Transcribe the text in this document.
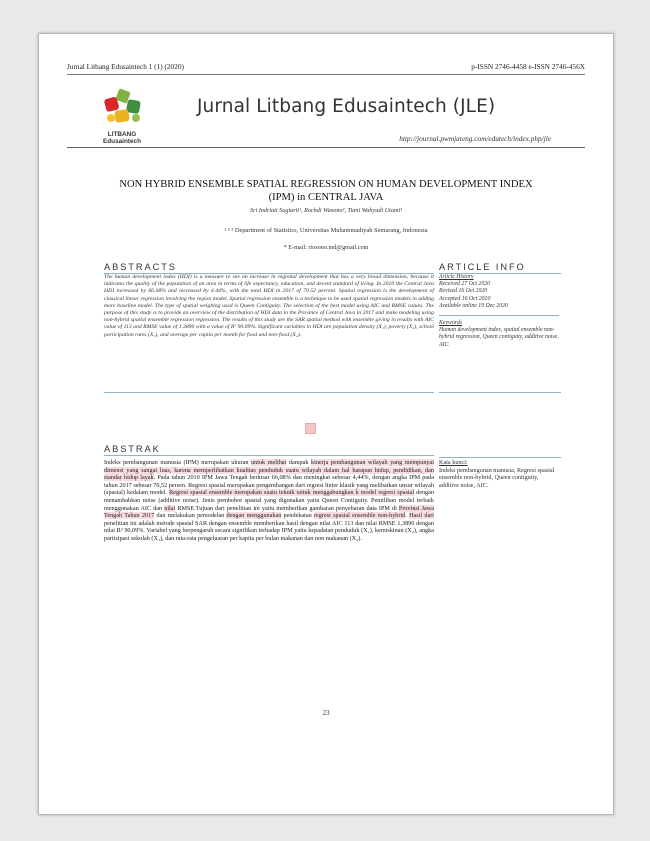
Jurnal Litbang Edusaintech 1 (1) (2020)	p-ISSN 2746-4458 e-ISSN 2746-456X
LITBANG
Edusaintech
Jurnal Litbang Edusaintech (JLE)
http://journal.pwmjateng.com/edutech/index.php/jle
NON HYBRID ENSEMBLE SPATIAL REGRESSION ON HUMAN DEVELOPMENT INDEX (IPM) in CENTRAL JAVA
Sri Indriati Sugiarti¹, Rochdi Wasono², Tiani Wahyudi Utami³
¹ ² ³ Department of Statistics, Universitas Muhammadiyah Semarang, Indonesia
* E-mail: riosono.md@gmail.com
ABSTRACTS	ARTICLE INFO
The human development index (HDI) is a measure to see an increase in regional development that has a very broad dimension, because it indicates the quality of the population of an area in terms of life expectancy, education, and decent standard of living. In 2010 the Central Java HDI increased by 66.08% and increased by 4.44%, with the total HDI in 2017 of 70.52 percent. Spatial regression is the development of classical linear regression involving the region model. Spatial regression ensemble is a technique to be used spatial regression models in adding more baseline model. The type of spatial weighing used is Queen Contiguity. The selection of the best model using AIC and RMSE values. The purpose of this study is to provide an overview of the distribution of HDI data in the Province of Central Java in 2017 and make modeling using non-hybrid spatial ensemble regression regression. The results of this study are the SAR spatial method with ensemble giving in results with AIC value of 113 and RMSE value of 1.3890 with a value of R² 90.09%. Significant variables in HDI are population density (X₁), poverty (X₂), school participation rates (X₃), and average per capita per month for food and non-food (X₄).
Article History
Received 27 Oct 2020
Revised 16 Oct 2020
Accepted 16 Oct 2020
Available online 19 Dec 2020
Keywords
Human development index, spatial ensemble non-hybrid regression, Queen contiguity, additive noise, AIC.
ABSTRAK
Indeks pembangunan manusia (IPM) merupakan ukuran untuk melihat dampak kinerja pembangunan wilayah yang mempunyai dimensi yang sangat luas, karena memperlihatkan kualitas penduduk suatu wilayah dalam hal harapan hidup, pendidikan, dan standar hidup layak. Pada tahun 2010 IPM Jawa Tengah berkisar 66,08% dan meningkat sebesar 4,44%, dengan angka IPM pada tahun 2017 sebesar 70,52 persen. Regresi spasial merupakan pengembangan dari regresi linier klasik yang melibatkan unsur wilayah (spasial) kedalam model. Regresi spasial ensemble merupakan suatu teknik untuk menggabungkan k model regresi spasial dengan menambahkan noise (additive noise). Jenis pembobot spasial yang digunakan yaitu Queen Contiguity. Pemilihan model terbaik menggunakan AIC dan nilai RMSE.Tujuan dari penelitian ini yaitu memberikan gambaran penyebaran data IPM di Provinsi Jawa Tengah Tahun 2017 dan melakukan pemodelan dengan menggunakan pendekatan regresi spasial ensemble non-hybrid. Hasil dari penelitian ini adalah metode spasial SAR dengan ensemble memberikan hasil dengan nilai AIC 113 dan nilai RMSE 1,3890 dengan nilai R² 90,09%. Variabel yang berpengaruh secara signifikan terhadap IPM yaitu kepadatan penduduk (X₁), kemiskinan (X₂), angka partisipasi sekolah (X₃), dan rata-rata pengeluaran per kapita per bulan makanan dan non makanan (X₄).
Kata kunci:
Indeks pembangunan manusia, Regresi spasial ensemble non-hybrid, Queen contiguity, additive noise, AIC.
23
